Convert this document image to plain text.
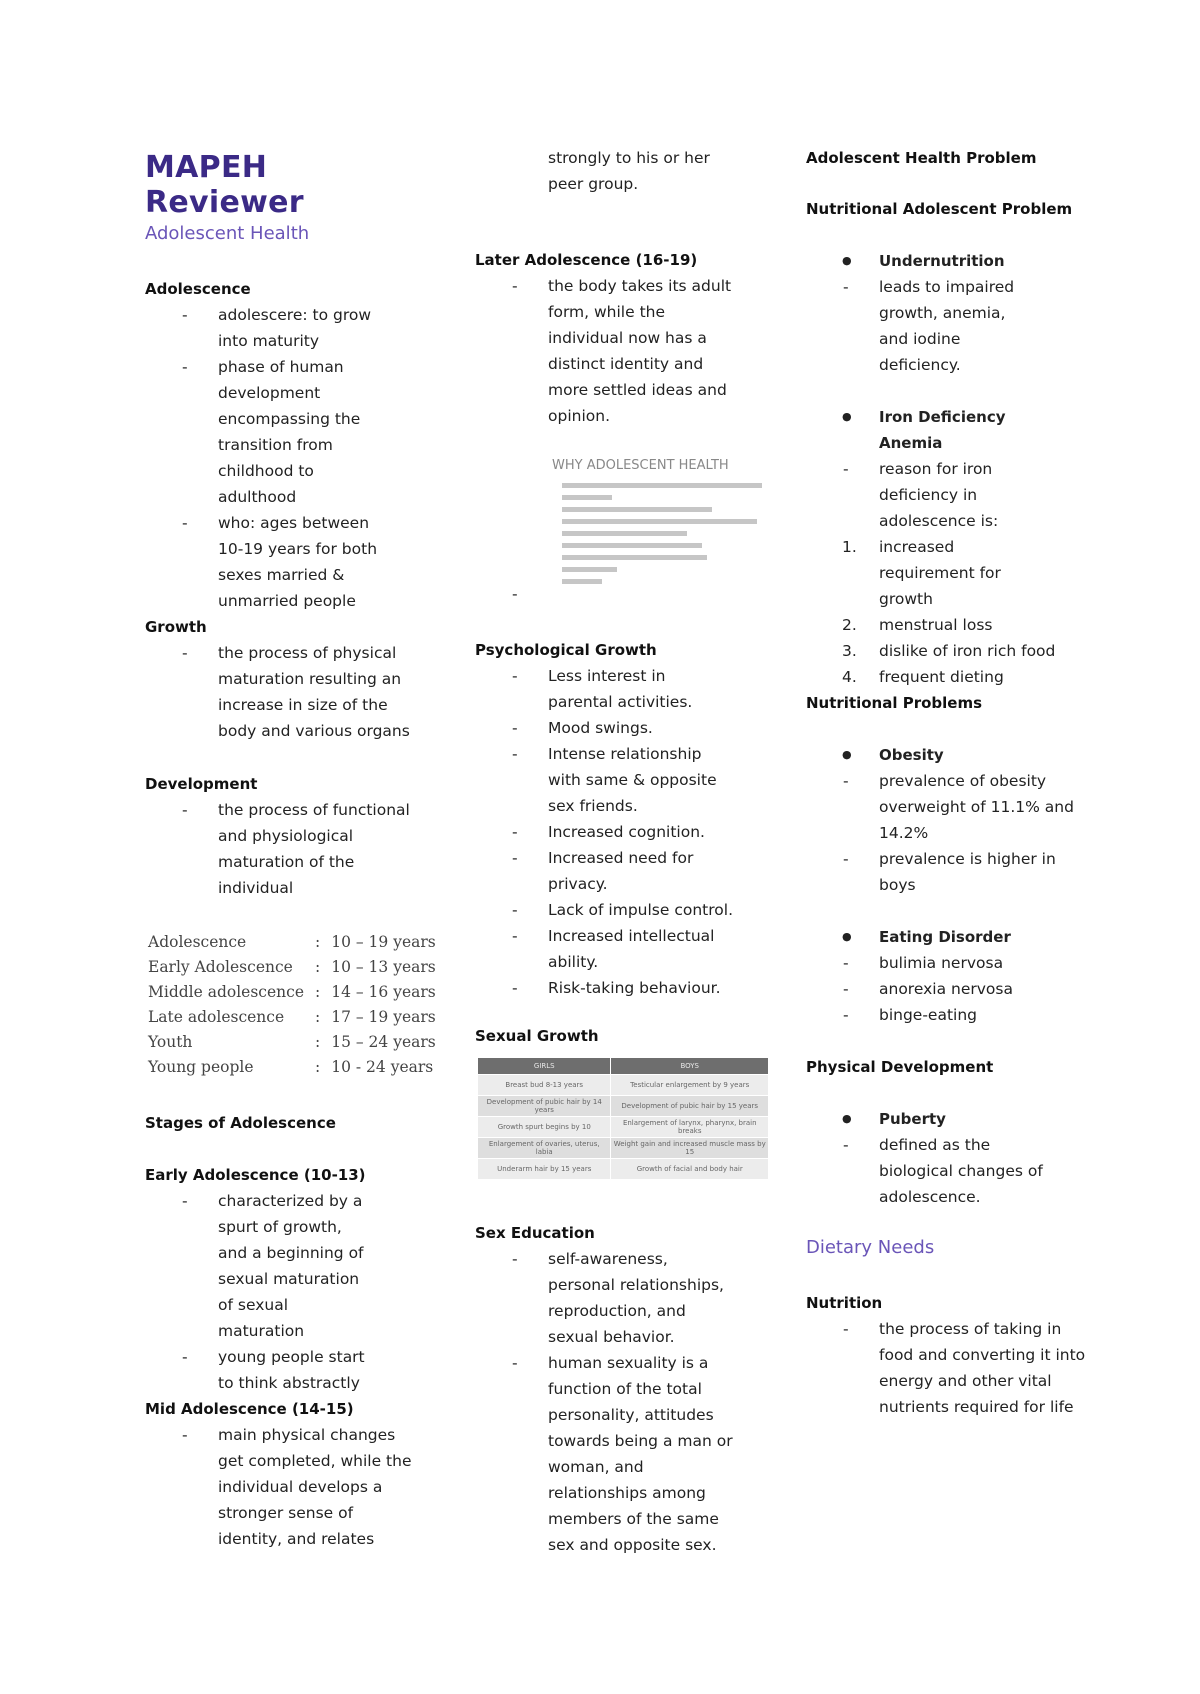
MAPEH Reviewer
Adolescent Health
Adolescence
- adolescere: to grow into maturity
- phase of human development encompassing the transition from childhood to adulthood
- who: ages between 10-19 years for both sexes married & unmarried people
Growth
- the process of physical maturation resulting an increase in size of the body and various organs
Development
- the process of functional and physiological maturation of the individual
Adolescence	:	10 – 19 years
Early Adolescence	:	10 – 13 years
Middle adolescence	:	14 – 16 years
Late adolescence	:	17 – 19 years
Youth	:	15 – 24 years
Young people	:	10 - 24 years
Stages of Adolescence
Early Adolescence (10-13)
- characterized by a spurt of growth, and a beginning of sexual maturation of sexual maturation
- young people start to think abstractly
Mid Adolescence (14-15)
- main physical changes get completed, while the individual develops a stronger sense of identity, and relates
strongly to his or her peer group.
Later Adolescence (16-19)
- the body takes its adult form, while the individual now has a distinct identity and more settled ideas and opinion.
-
WHY ADOLESCENT HEALTH
Psychological Growth
- Less interest in parental activities.
- Mood swings.
- Intense relationship with same & opposite sex friends.
- Increased cognition.
- Increased need for privacy.
- Lack of impulse control.
- Increased intellectual ability.
- Risk-taking behaviour.
Sexual Growth
GIRLS	BOYS
Breast bud 8-13 years	Testicular enlargement by 9 years
Development of pubic hair by 14 years	Development of pubic hair by 15 years
Growth spurt begins by 10	Enlargement of larynx, pharynx, brain breaks
Enlargement of ovaries, uterus, labia	Weight gain and increased muscle mass by 15
Underarm hair by 15 years	Growth of facial and body hair
Sex Education
- self-awareness, personal relationships, reproduction, and sexual behavior.
- human sexuality is a function of the total personality, attitudes towards being a man or woman, and relationships among members of the same sex and opposite sex.
Adolescent Health Problem
Nutritional Adolescent Problem
● Undernutrition
- leads to impaired growth, anemia, and iodine deficiency.
● Iron Deficiency Anemia
- reason for iron deficiency in adolescence is:
1. increased requirement for growth
2. menstrual loss
3. dislike of iron rich food
4. frequent dieting
Nutritional Problems
● Obesity
- prevalence of obesity overweight of 11.1% and 14.2%
- prevalence is higher in boys
● Eating Disorder
- bulimia nervosa
- anorexia nervosa
- binge-eating
Physical Development
● Puberty
- defined as the biological changes of adolescence.
Dietary Needs
Nutrition
- the process of taking in food and converting it into energy and other vital nutrients required for life
